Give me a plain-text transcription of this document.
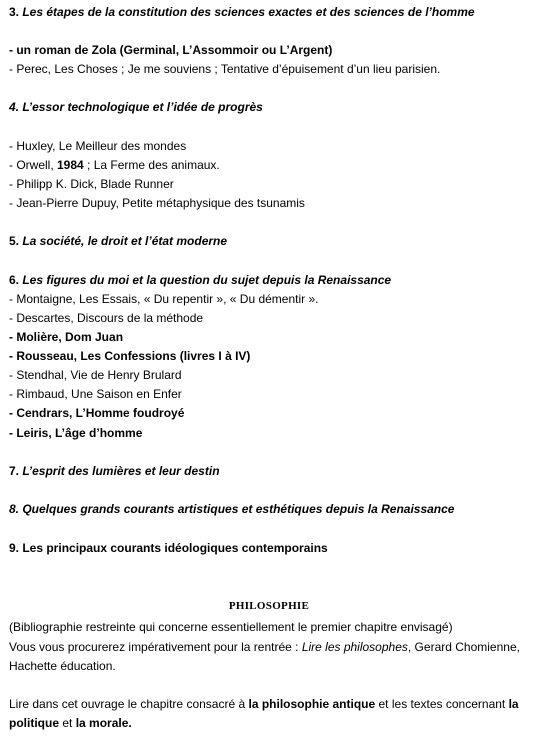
3. Les étapes de la constitution des sciences exactes et des sciences de l’homme
- un roman de Zola (Germinal, L’Assommoir ou L’Argent)
- Perec, Les Choses ; Je me souviens ; Tentative d’épuisement d’un lieu parisien.
4. L’essor technologique et l’idée de progrès
- Huxley, Le Meilleur des mondes
- Orwell, 1984 ; La Ferme des animaux.
- Philipp K. Dick, Blade Runner
- Jean-Pierre Dupuy, Petite métaphysique des tsunamis
5. La société, le droit et l’état moderne
6. Les figures du moi et la question du sujet depuis la Renaissance
- Montaigne, Les Essais, « Du repentir », « Du démentir ».
- Descartes, Discours de la méthode
- Molière, Dom Juan
- Rousseau, Les Confessions (livres I à IV)
- Stendhal, Vie de Henry Brulard
- Rimbaud, Une Saison en Enfer
- Cendrars, L’Homme foudroyé
- Leiris, L’âge d’homme
7. L’esprit des lumières et leur destin
8. Quelques grands courants artistiques et esthétiques depuis la Renaissance
9. Les principaux courants idéologiques contemporains
PHILOSOPHIE
(Bibliographie restreinte qui concerne essentiellement le premier chapitre envisagé)
Vous vous procurerez impérativement pour la rentrée : Lire les philosophes, Gerard Chomienne,
Hachette éducation.
Lire dans cet ouvrage le chapitre consacré à la philosophie antique et les textes concernant la
politique et la morale.
